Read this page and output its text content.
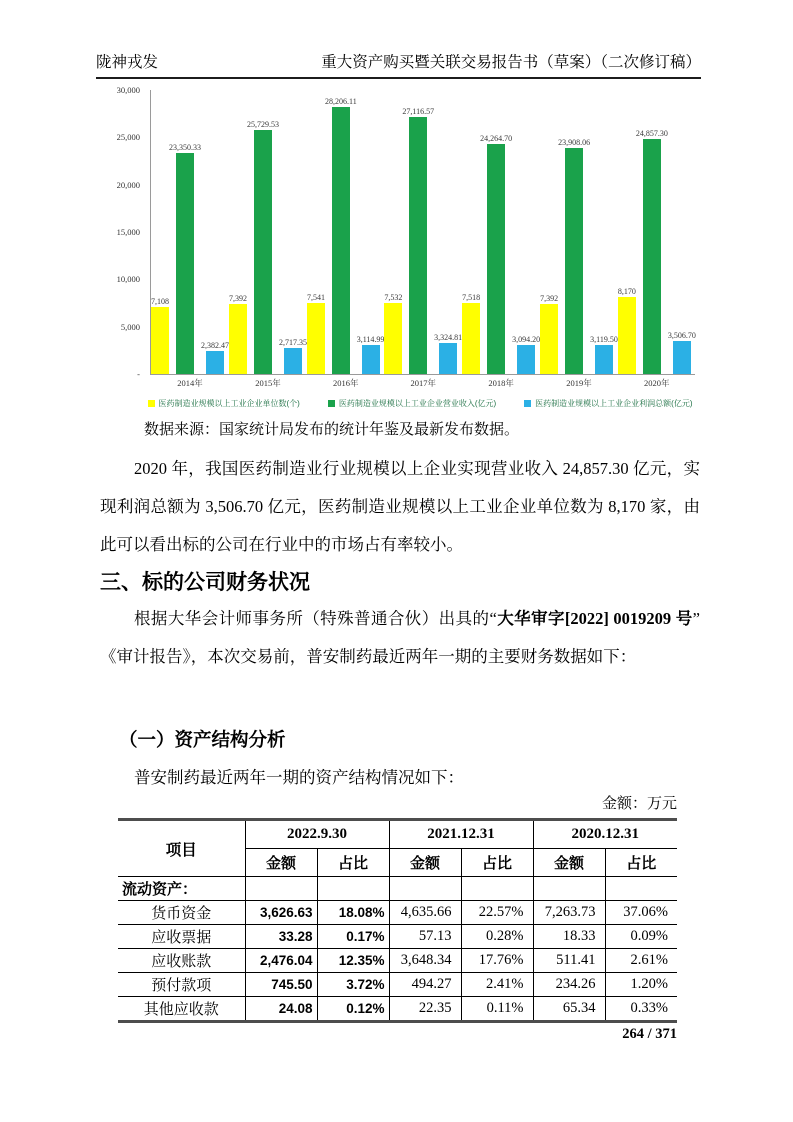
陇神戎发	重大资产购买暨关联交易报告书（草案）（二次修订稿）
30,000
25,000
20,000
15,000
10,000
5,000
-
7,108
23,350.33
2,382.47
2014年
7,392
25,729.53
2,717.35
2015年
7,541
28,206.11
3,114.99
2016年
7,532
27,116.57
3,324.81
2017年
7,518
24,264.70
3,094.20
2018年
7,392
23,908.06
3,119.50
2019年
8,170
24,857.30
3,506.70
2020年
医药制造业规模以上工业企业单位数(个)	医药制造业规模以上工业企业营业收入(亿元)	医药制造业规模以上工业企业利润总额(亿元)
数据来源：国家统计局发布的统计年鉴及最新发布数据。
2020 年，我国医药制造业行业规模以上企业实现营业收入 24,857.30 亿元，实现利润总额为 3,506.70 亿元，医药制造业规模以上工业企业单位数为 8,170 家，由此可以看出标的公司在行业中的市场占有率较小。
三、标的公司财务状况
根据大华会计师事务所（特殊普通合伙）出具的“大华审字[2022] 0019209 号”《审计报告》，本次交易前，普安制药最近两年一期的主要财务数据如下：
（一）资产结构分析
普安制药最近两年一期的资产结构情况如下：
金额：万元
项目	2022.9.30		2021.12.31		2020.12.31	
	金额	占比	金额	占比	金额	占比
流动资产：						
货币资金	3,626.63	18.08%	4,635.66	22.57%	7,263.73	37.06%
应收票据	33.28	0.17%	57.13	0.28%	18.33	0.09%
应收账款	2,476.04	12.35%	3,648.34	17.76%	511.41	2.61%
预付款项	745.50	3.72%	494.27	2.41%	234.26	1.20%
其他应收款	24.08	0.12%	22.35	0.11%	65.34	0.33%
264 / 371
